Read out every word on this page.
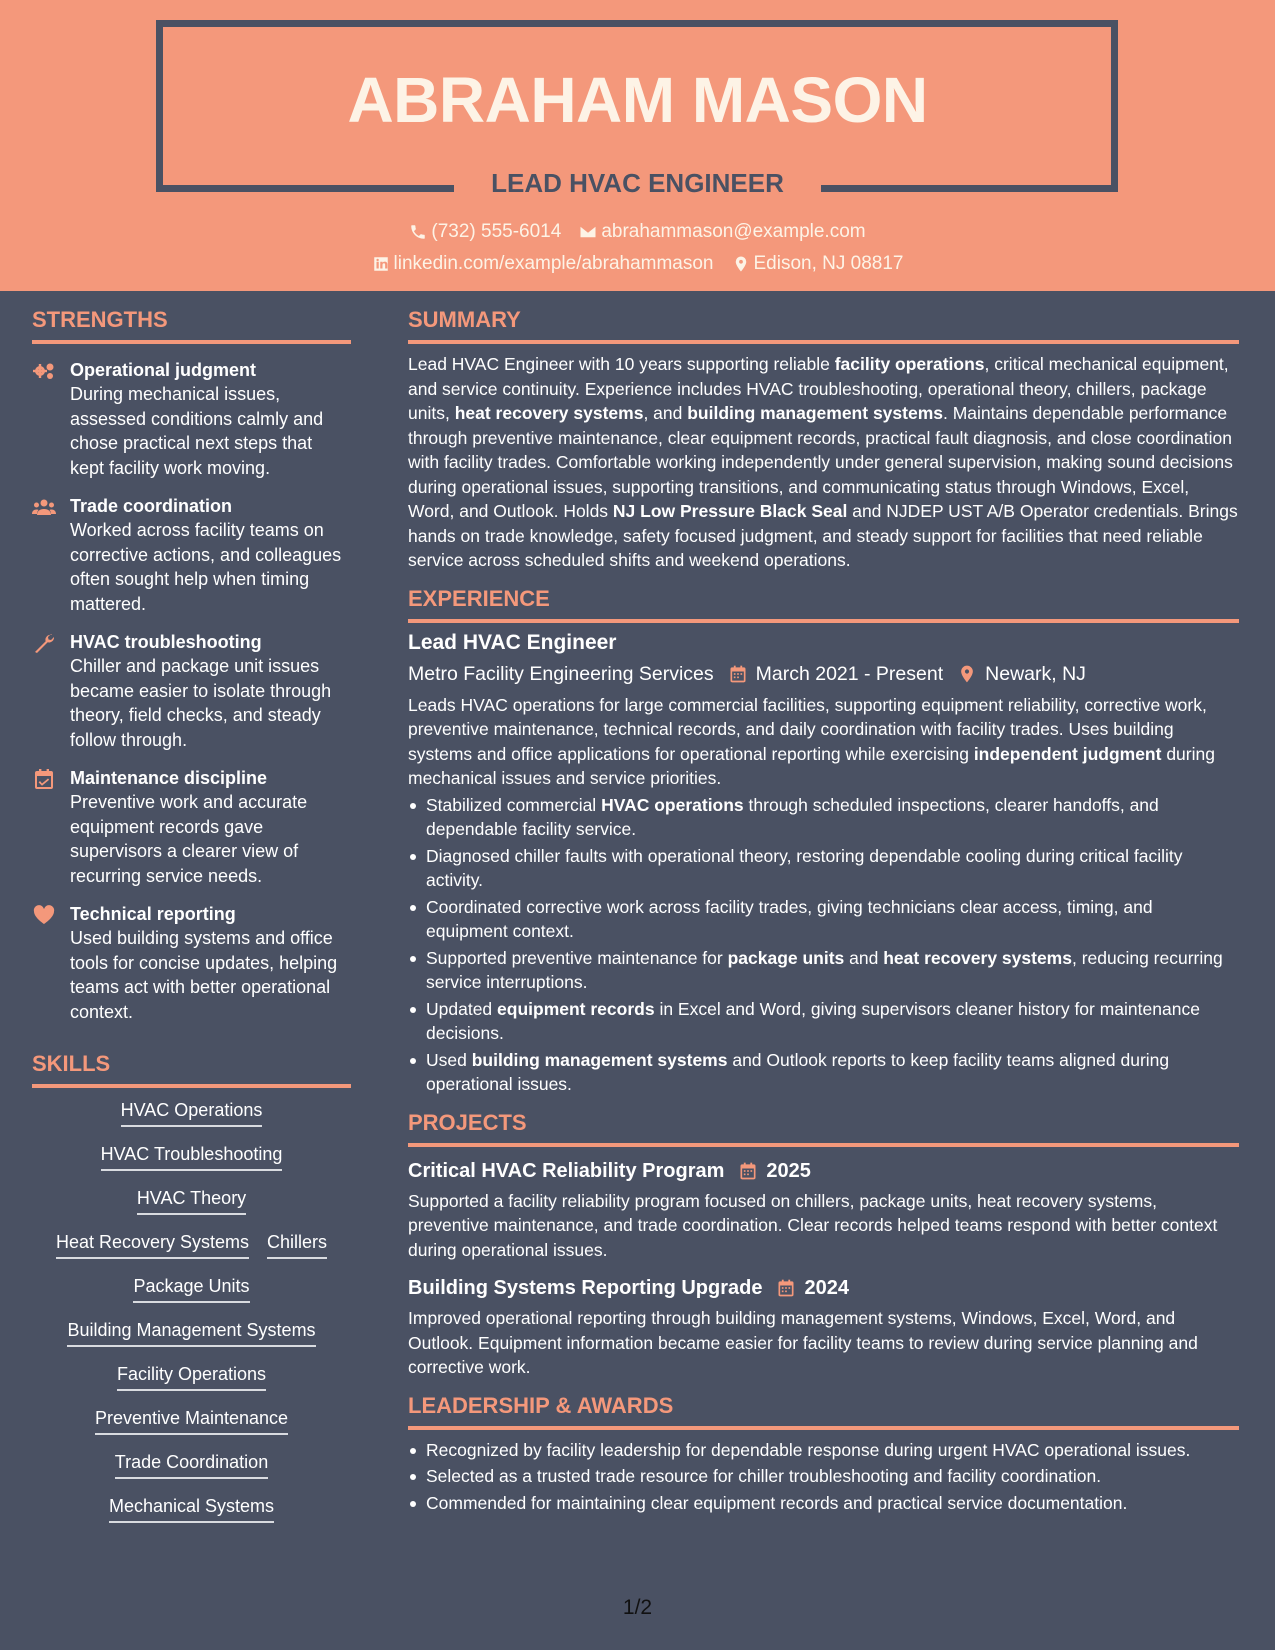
ABRAHAM MASON
LEAD HVAC ENGINEER
(732) 555-6014 abrahammason@example.com
linkedin.com/example/abrahammason Edison, NJ 08817
STRENGTHS
Operational judgment
During mechanical issues, assessed conditions calmly and chose practical next steps that kept facility work moving.
Trade coordination
Worked across facility teams on corrective actions, and colleagues often sought help when timing mattered.
HVAC troubleshooting
Chiller and package unit issues became easier to isolate through theory, field checks, and steady follow through.
Maintenance discipline
Preventive work and accurate equipment records gave supervisors a clearer view of recurring service needs.
Technical reporting
Used building systems and office tools for concise updates, helping teams act with better operational context.
SKILLS
HVAC Operations
HVAC Troubleshooting
HVAC Theory
Heat Recovery Systems Chillers
Package Units
Building Management Systems
Facility Operations
Preventive Maintenance
Trade Coordination
Mechanical Systems
SUMMARY

Lead HVAC Engineer with 10 years supporting reliable facility operations, critical mechanical equipment, and service continuity. Experience includes HVAC troubleshooting, operational theory, chillers, package units, heat recovery systems, and building management systems. Maintains dependable performance through preventive maintenance, clear equipment records, practical fault diagnosis, and close coordination with facility trades. Comfortable working independently under general supervision, making sound decisions during operational issues, supporting transitions, and communicating status through Windows, Excel, Word, and Outlook. Holds NJ Low Pressure Black Seal and NJDEP UST A/B Operator credentials. Brings hands on trade knowledge, safety focused judgment, and steady support for facilities that need reliable service across scheduled shifts and weekend operations.

EXPERIENCE
Lead HVAC Engineer
Metro Facility Engineering Services March 2021 - Present Newark, NJ

Leads HVAC operations for large commercial facilities, supporting equipment reliability, corrective work, preventive maintenance, technical records, and daily coordination with facility trades. Uses building systems and office applications for operational reporting while exercising independent judgment during mechanical issues and service priorities.

Stabilized commercial HVAC operations through scheduled inspections, clearer handoffs, and dependable facility service.
Diagnosed chiller faults with operational theory, restoring dependable cooling during critical facility activity.
Coordinated corrective work across facility trades, giving technicians clear access, timing, and equipment context.
Supported preventive maintenance for package units and heat recovery systems, reducing recurring service interruptions.
Updated equipment records in Excel and Word, giving supervisors cleaner history for maintenance decisions.
Used building management systems and Outlook reports to keep facility teams aligned during operational issues.
PROJECTS
Critical HVAC Reliability Program 2025

Supported a facility reliability program focused on chillers, package units, heat recovery systems, preventive maintenance, and trade coordination. Clear records helped teams respond with better context during operational issues.

Building Systems Reporting Upgrade 2024

Improved operational reporting through building management systems, Windows, Excel, Word, and Outlook. Equipment information became easier for facility teams to review during service planning and corrective work.

LEADERSHIP & AWARDS
Recognized by facility leadership for dependable response during urgent HVAC operational issues.
Selected as a trusted trade resource for chiller troubleshooting and facility coordination.
Commended for maintaining clear equipment records and practical service documentation.
1/2
